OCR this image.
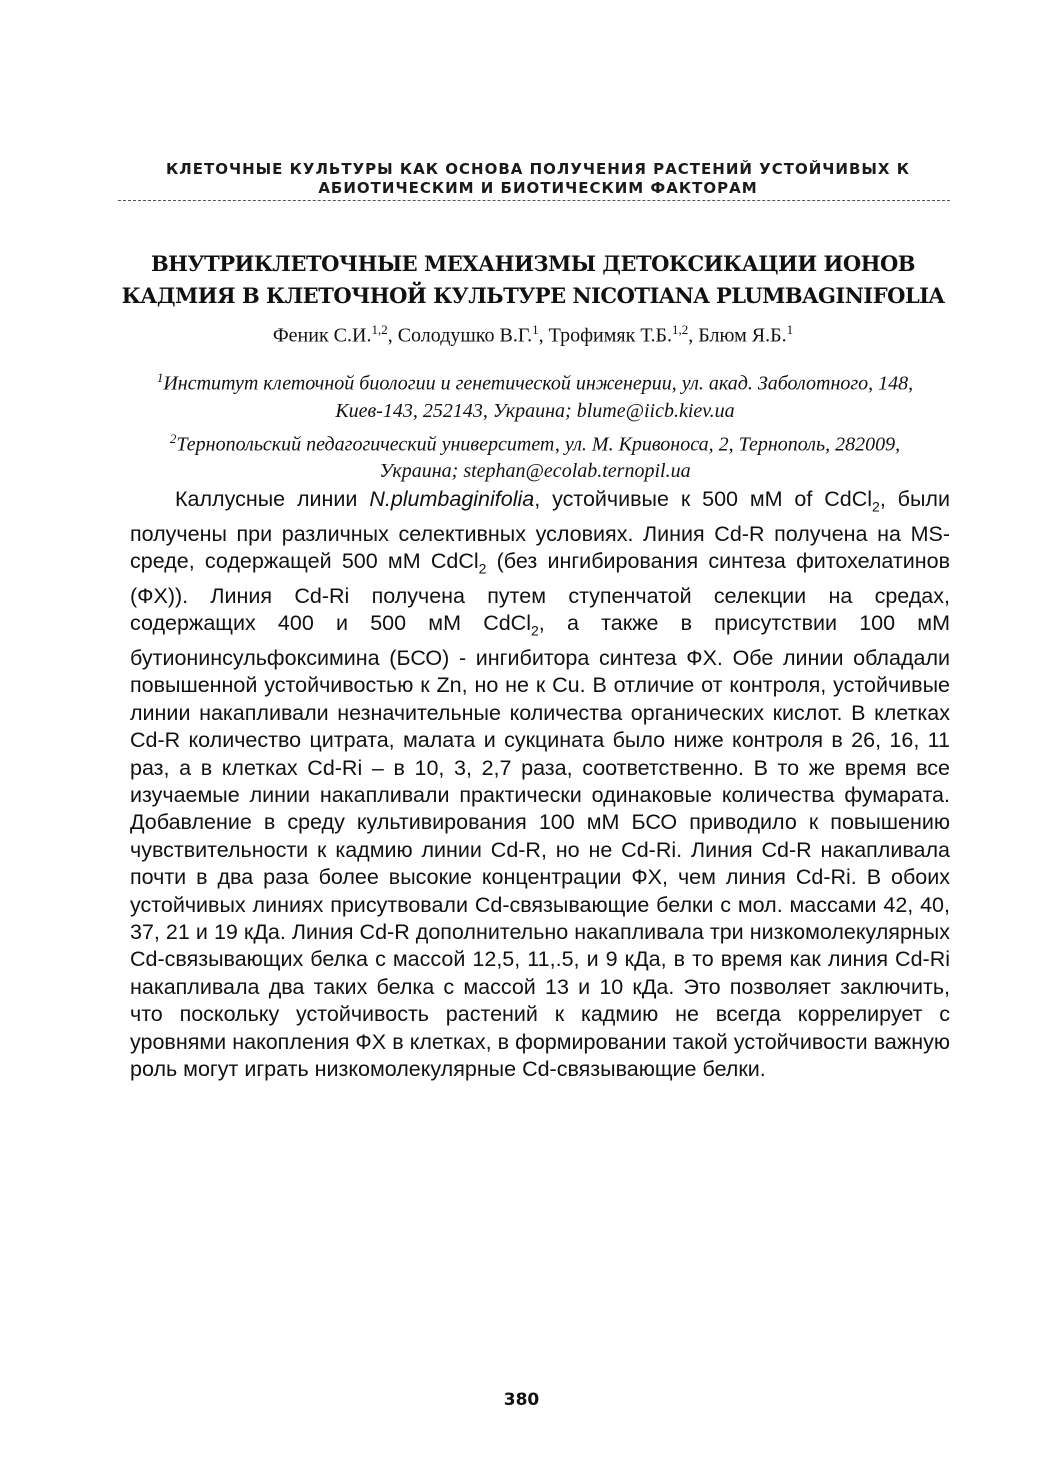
КЛЕТОЧНЫЕ КУЛЬТУРЫ КАК ОСНОВА ПОЛУЧЕНИЯ РАСТЕНИЙ УСТОЙЧИВЫХ К АБИОТИЧЕСКИМ И БИОТИЧЕСКИМ ФАКТОРАМ
ВНУТРИКЛЕТОЧНЫЕ МЕХАНИЗМЫ ДЕТОКСИКАЦИИ ИОНОВ КАДМИЯ В КЛЕТОЧНОЙ КУЛЬТУРЕ NICOTIANA PLUMBAGINIFOLIA
Феник С.И.$^{1,2}$, Солодушко В.Г.$^1$, Трофимяк Т.Б.$^{1,2}$, Блюм Я.Б.$^1$

$^1$Институт клеточной биологии и генетической инженерии, ул. акад. Заболотного, 148, Киев-143, 252143, Украина; blume@iicb.kiev.ua

$^2$Тернопольский педагогический университет, ул. М. Кривоноса, 2, Тернополь, 282009, Украина; stephan@ecolab.ternopil.ua

Каллусные линии N.plumbaginifolia, устойчивые к 500 мМ of CdCl$_2$, были получены при различных селективных условиях. Линия Cd-R получена на MS-среде, содержащей 500 мМ CdCl$_2$ (без ингибирования синтеза фитохелатинов (ФХ)). Линия Cd-Ri получена путем ступенчатой селекции на средах, содержащих 400 и 500 мМ CdCl$_2$, а также в присутствии 100 мМ бутионинсульфоксимина (БСО) - ингибитора синтеза ФХ. Обе линии обладали повышенной устойчивостью к Zn, но не к Cu. В отличие от контроля, устойчивые линии накапливали незначительные количества органических кислот. В клетках Cd-R количество цитрата, малата и сукцината было ниже контроля в 26, 16, 11 раз, а в клетках Cd-Ri – в 10, 3, 2,7 раза, соответственно. В то же время все изучаемые линии накапливали практически одинаковые количества фумарата. Добавление в среду культивирования 100 мМ БСО приводило к повышению чувствительности к кадмию линии Cd-R, но не Cd-Ri. Линия Cd-R накапливала почти в два раза более высокие концентрации ФХ, чем линия Cd-Ri. В обоих устойчивых линиях присутвовали Cd-связывающие белки с мол. массами 42, 40, 37, 21 и 19 кДа. Линия Cd-R дополнительно накапливала три низкомолекулярных Cd-связывающих белка с массой 12,5, 11,.5, и 9 кДа, в то время как линия Cd-Ri накапливала два таких белка с массой 13 и 10 кДа. Это позволяет заключить, что поскольку устойчивость растений к кадмию не всегда коррелирует с уровнями накопления ФХ в клетках, в формировании такой устойчивости важную роль могут играть низкомолекулярные Cd-связывающие белки.

380
